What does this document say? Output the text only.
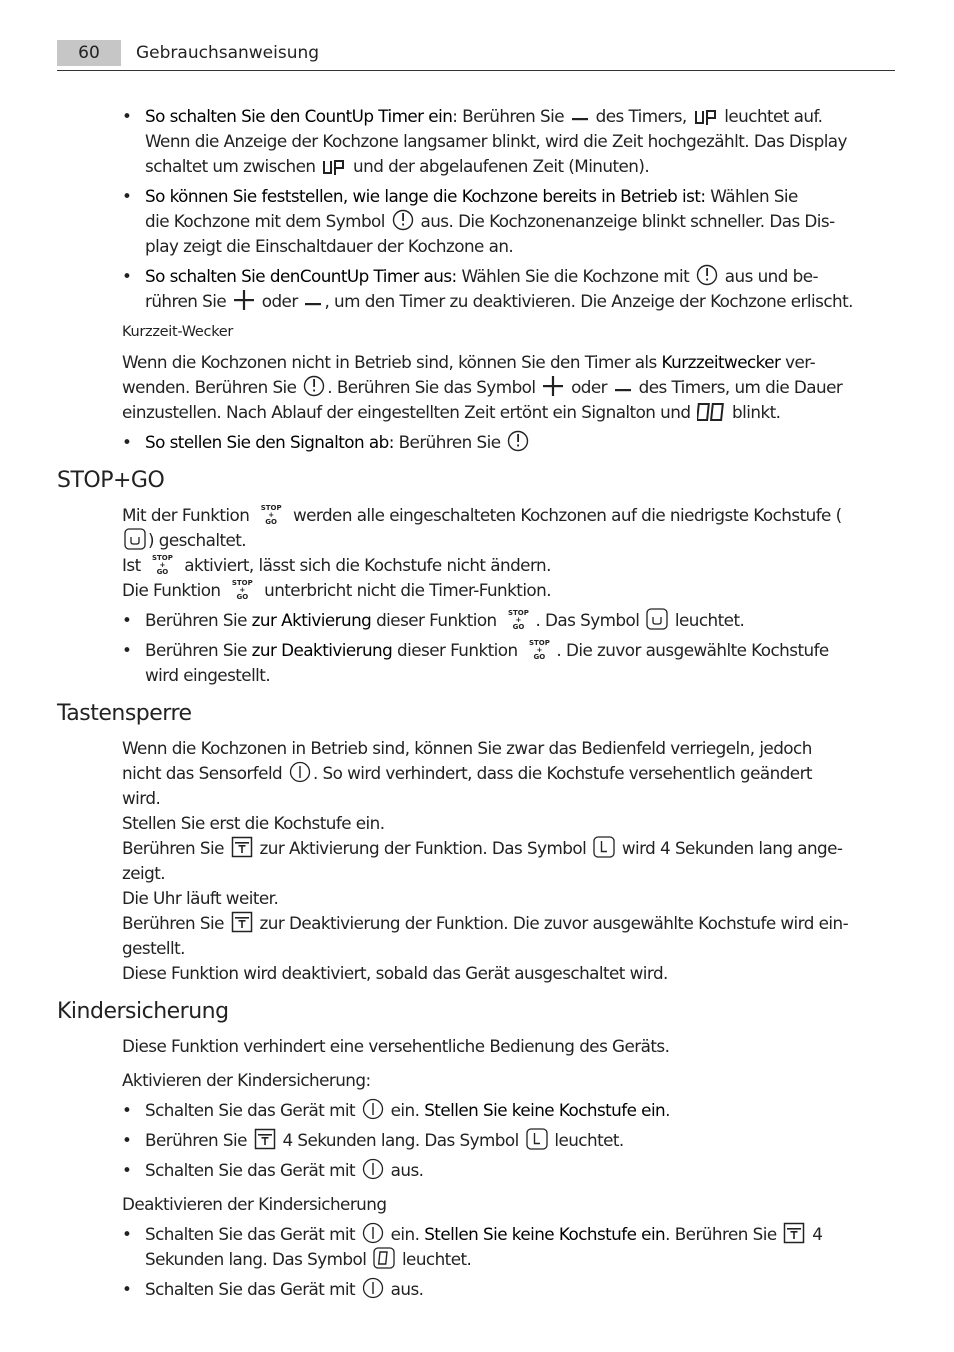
60	Gebrauchsanweisung
• So schalten Sie den CountUp Timer ein: Berühren Sie des Timers, leuchtet auf.
Wenn die Anzeige der Kochzone langsamer blinkt, wird die Zeit hochgezählt. Das Display
schaltet um zwischen und der abgelaufenen Zeit (Minuten).
• So können Sie feststellen, wie lange die Kochzone bereits in Betrieb ist: Wählen Sie
die Kochzone mit dem Symbol aus. Die Kochzonenanzeige blinkt schneller. Das Dis-
play zeigt die Einschaltdauer der Kochzone an.
• So schalten Sie denCountUp Timer aus: Wählen Sie die Kochzone mit aus und be-
rühren Sie oder , um den Timer zu deaktivieren. Die Anzeige der Kochzone erlischt.
Kurzzeit-Wecker
Wenn die Kochzonen nicht in Betrieb sind, können Sie den Timer als Kurzzeitwecker ver-
wenden. Berühren Sie . Berühren Sie das Symbol oder des Timers, um die Dauer
einzustellen. Nach Ablauf der eingestellten Zeit ertönt ein Signalton und blinkt.
• So stellen Sie den Signalton ab: Berühren Sie
STOP+GO
Mit der Funktion	STOP
+
GO werden alle eingeschalteten Kochzonen auf die niedrigste Kochstufe (

) geschaltet.
Ist	STOP
+
GO aktiviert, lässt sich die Kochstufe nicht ändern.
Die Funktion	STOP
+
GO unterbricht nicht die Timer-Funktion.
• Berühren Sie zur Aktivierung dieser Funktion	STOP
+
GO . Das Symbol leuchtet.
• Berühren Sie zur Deaktivierung dieser Funktion	STOP
+
GO . Die zuvor ausgewählte Kochstufe
wird eingestellt.
Tastensperre
Wenn die Kochzonen in Betrieb sind, können Sie zwar das Bedienfeld verriegeln, jedoch
nicht das Sensorfeld . So wird verhindert, dass die Kochstufe versehentlich geändert
wird.
Stellen Sie erst die Kochstufe ein.
Berühren Sie zur Aktivierung der Funktion. Das Symbol wird 4 Sekunden lang ange-
zeigt.
Die Uhr läuft weiter.
Berühren Sie zur Deaktivierung der Funktion. Die zuvor ausgewählte Kochstufe wird ein-
gestellt.
Diese Funktion wird deaktiviert, sobald das Gerät ausgeschaltet wird.
Kindersicherung
Diese Funktion verhindert eine versehentliche Bedienung des Geräts.
Aktivieren der Kindersicherung:
• Schalten Sie das Gerät mit ein. Stellen Sie keine Kochstufe ein.
• Berühren Sie 4 Sekunden lang. Das Symbol leuchtet.
• Schalten Sie das Gerät mit aus.
Deaktivieren der Kindersicherung
• Schalten Sie das Gerät mit ein. Stellen Sie keine Kochstufe ein. Berühren Sie 4
Sekunden lang. Das Symbol leuchtet.
• Schalten Sie das Gerät mit aus.
